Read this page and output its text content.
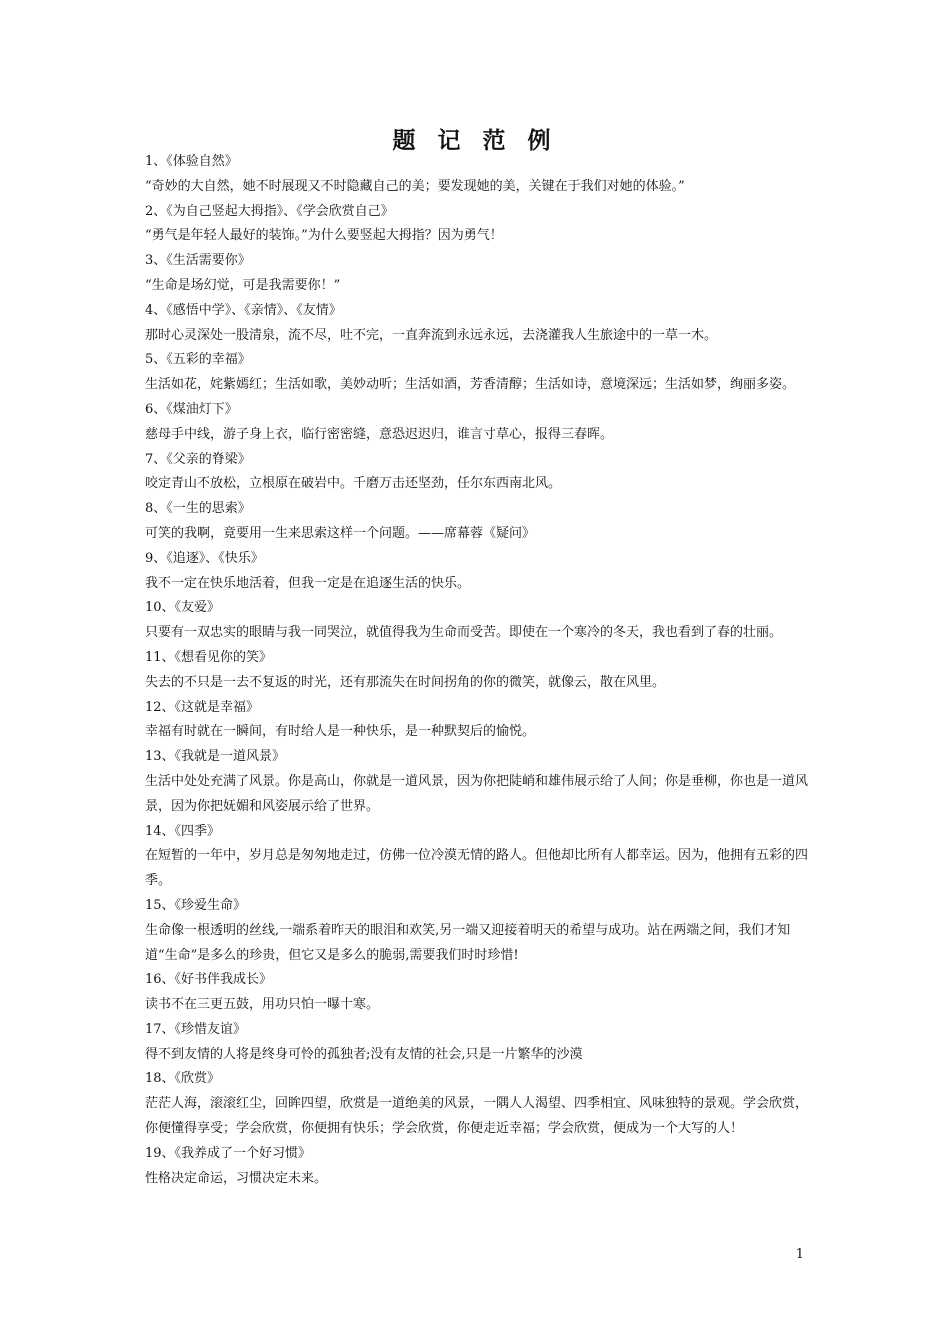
题 记 范 例

1、《体验自然》

“奇妙的大自然，她不时展现又不时隐藏自己的美；要发现她的美，关键在于我们对她的体验。”

2、《为自己竖起大拇指》、《学会欣赏自己》

“勇气是年轻人最好的装饰。”为什么要竖起大拇指？因为勇气！

3、《生活需要你》

“生命是场幻觉，可是我需要你！”

4、《感悟中学》、《亲情》、《友情》

那时心灵深处一股清泉，流不尽，吐不完，一直奔流到永远永远，去浇灌我人生旅途中的一草一木。

5、《五彩的幸福》

生活如花，姹紫嫣红；生活如歌，美妙动听；生活如酒，芳香清醇；生活如诗，意境深远；生活如梦，绚丽多姿。

6、《煤油灯下》

慈母手中线，游子身上衣，临行密密缝，意恐迟迟归，谁言寸草心，报得三春晖。

7、《父亲的脊梁》

咬定青山不放松，立根原在破岩中。千磨万击还坚劲，任尔东西南北风。

8、《一生的思索》

可笑的我啊，竟要用一生来思索这样一个问题。——席幕蓉《疑问》

9、《追逐》、《快乐》

我不一定在快乐地活着，但我一定是在追逐生活的快乐。

10、《友爱》

只要有一双忠实的眼睛与我一同哭泣，就值得我为生命而受苦。即使在一个寒冷的冬天，我也看到了春的壮丽。

11、《想看见你的笑》

失去的不只是一去不复返的时光，还有那流失在时间拐角的你的微笑，就像云，散在风里。

12、《这就是幸福》

幸福有时就在一瞬间，有时给人是一种快乐，是一种默契后的愉悦。

13、《我就是一道风景》

生活中处处充满了风景。你是高山，你就是一道风景，因为你把陡峭和雄伟展示给了人间；你是垂柳，你也是一道风景，因为你把妩媚和风姿展示给了世界。

14、《四季》

在短暂的一年中，岁月总是匆匆地走过，仿佛一位冷漠无情的路人。但他却比所有人都幸运。因为，他拥有五彩的四季。

15、《珍爱生命》

生命像一根透明的丝线,一端系着昨天的眼泪和欢笑,另一端又迎接着明天的希望与成功。站在两端之间，我们才知道“生命”是多么的珍贵，但它又是多么的脆弱,需要我们时时珍惜!

16、《好书伴我成长》

读书不在三更五鼓，用功只怕一曝十寒。

17、《珍惜友谊》

得不到友情的人将是终身可怜的孤独者;没有友情的社会,只是一片繁华的沙漠

18、《欣赏》

茫茫人海，滚滚红尘，回眸四望，欣赏是一道绝美的风景，一隅人人渴望、四季相宜、风味独特的景观。学会欣赏，你便懂得享受；学会欣赏，你便拥有快乐；学会欣赏，你便走近幸福；学会欣赏，便成为一个大写的人！

19、《我养成了一个好习惯》

性格决定命运，习惯决定未来。

1
